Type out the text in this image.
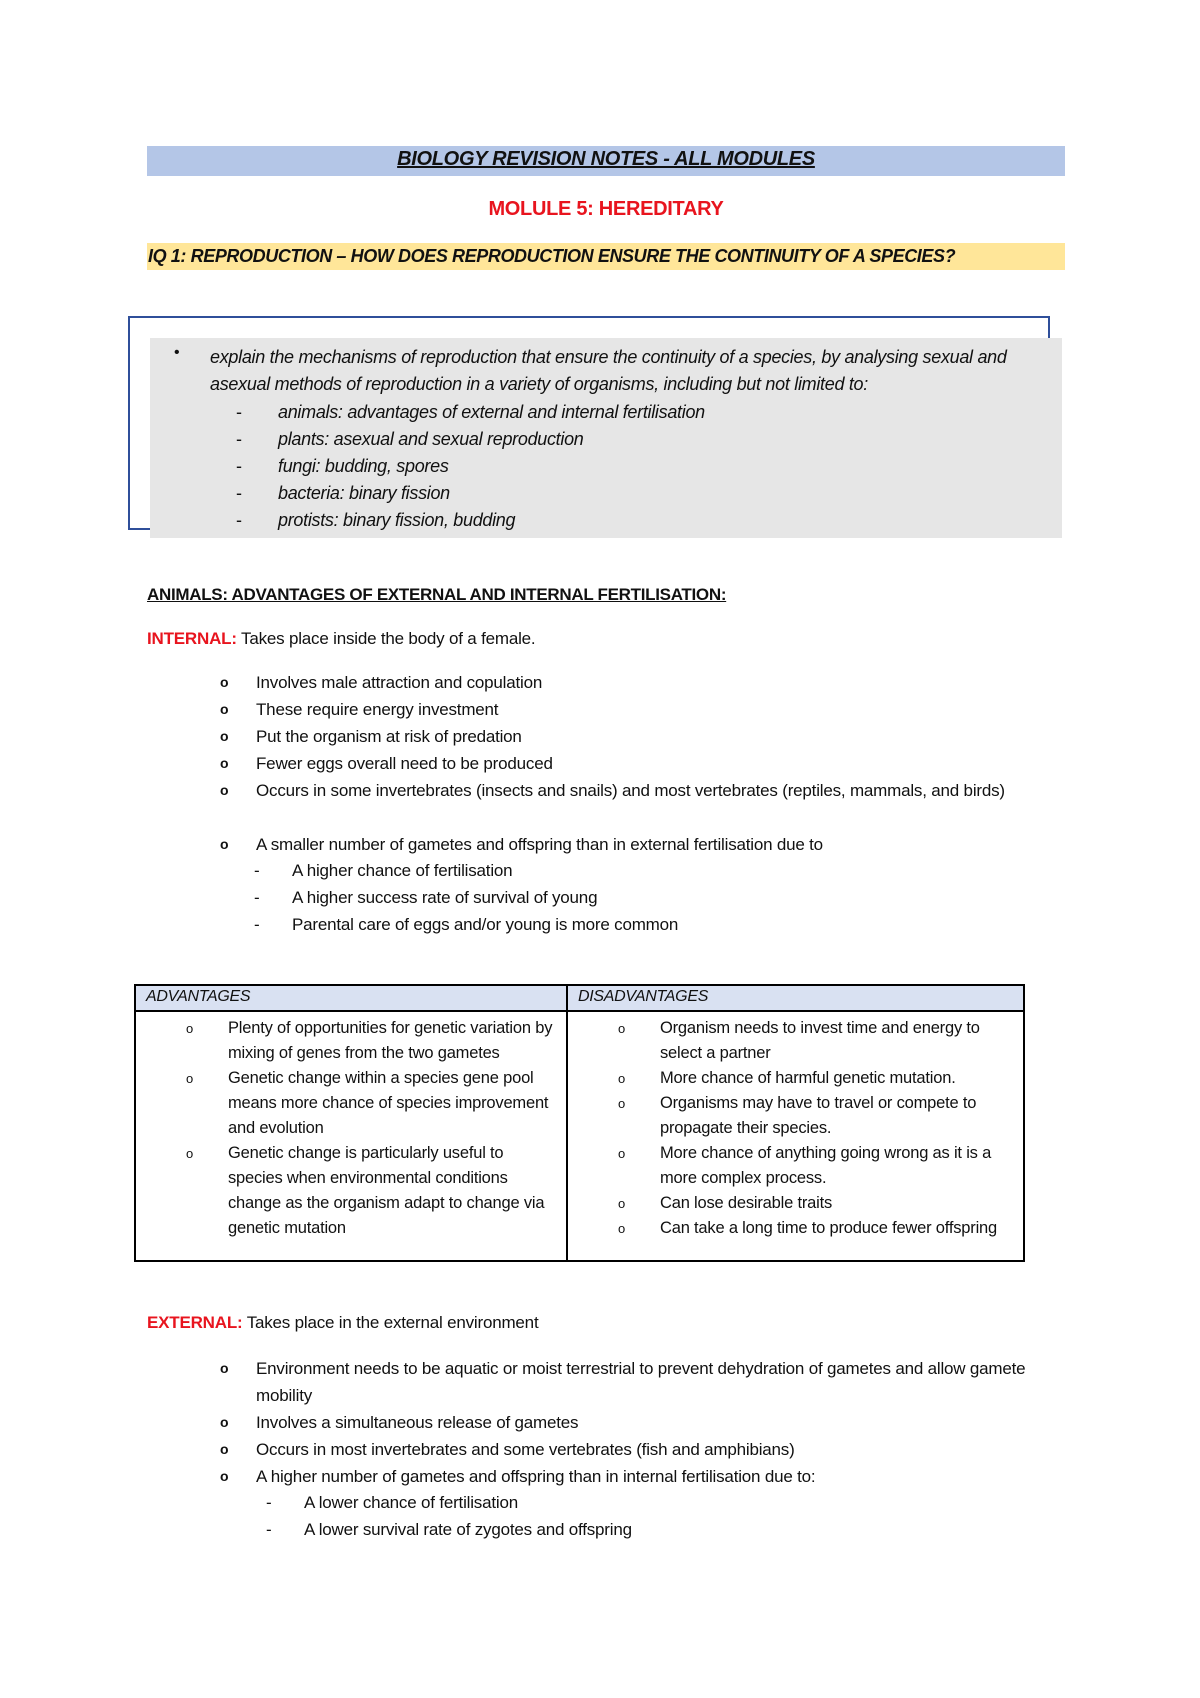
BIOLOGY REVISION NOTES - ALL MODULES
MOLULE 5: HEREDITARY
IQ 1: REPRODUCTION – HOW DOES REPRODUCTION ENSURE THE CONTINUITY OF A SPECIES?
• explain the mechanisms of reproduction that ensure the continuity of a species, by analysing sexual and asexual methods of reproduction in a variety of organisms, including but not limited to:
- animals: advantages of external and internal fertilisation
- plants: asexual and sexual reproduction
- fungi: budding, spores
- bacteria: binary fission
- protists: binary fission, budding
ANIMALS: ADVANTAGES OF EXTERNAL AND INTERNAL FERTILISATION:
INTERNAL: Takes place inside the body of a female.
o Involves male attraction and copulation
o These require energy investment
o Put the organism at risk of predation
o Fewer eggs overall need to be produced
o Occurs in some invertebrates (insects and snails) and most vertebrates (reptiles, mammals, and birds)
o A smaller number of gametes and offspring than in external fertilisation due to
- A higher chance of fertilisation
- A higher success rate of survival of young
- Parental care of eggs and/or young is more common
ADVANTAGES	DISADVANTAGES
o Plenty of opportunities for genetic variation by mixing of genes from the two gametes
o Genetic change within a species gene pool means more chance of species improvement and evolution
o Genetic change is particularly useful to species when environmental conditions change as the organism adapt to change via genetic mutation
o Organism needs to invest time and energy to select a partner
o More chance of harmful genetic mutation.
o Organisms may have to travel or compete to propagate their species.
o More chance of anything going wrong as it is a more complex process.
o Can lose desirable traits
o Can take a long time to produce fewer offspring
EXTERNAL: Takes place in the external environment
o Environment needs to be aquatic or moist terrestrial to prevent dehydration of gametes and allow gamete mobility
o Involves a simultaneous release of gametes
o Occurs in most invertebrates and some vertebrates (fish and amphibians)
o A higher number of gametes and offspring than in internal fertilisation due to:
- A lower chance of fertilisation
- A lower survival rate of zygotes and offspring
